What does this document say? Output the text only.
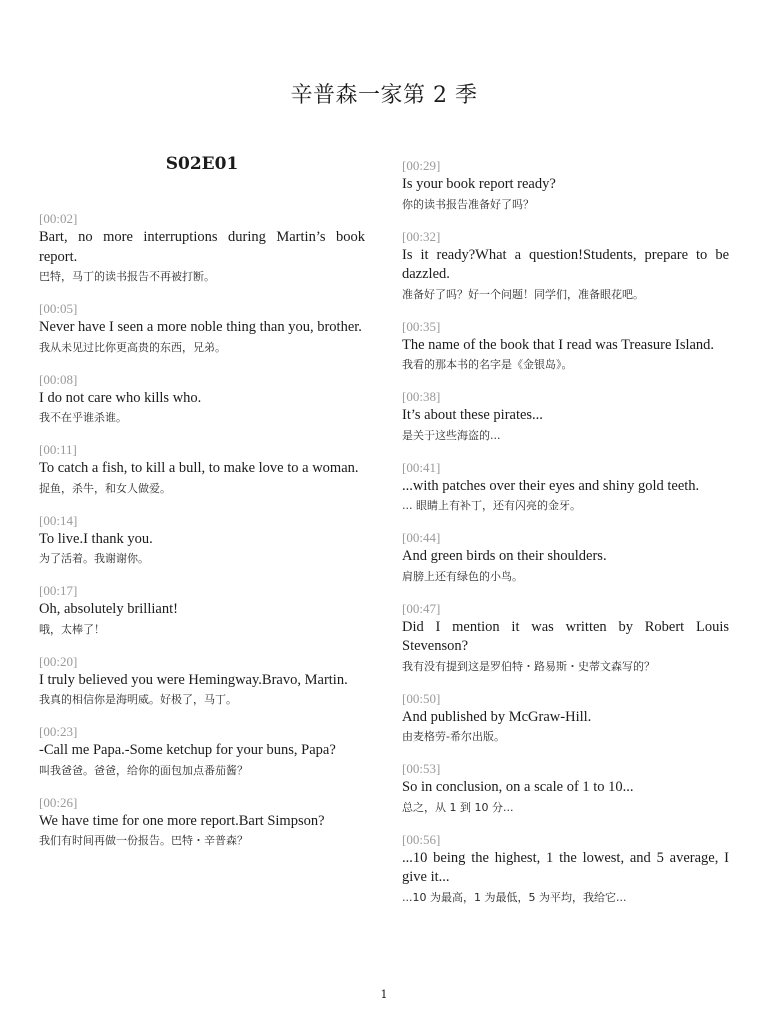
辛普森一家第 2 季
S02E01
[00:02]
Bart, no more interruptions during Martin’s book report.
巴特，马丁的读书报告不再被打断。
[00:05]
Never have I seen a more noble thing than you, brother.
我从未见过比你更高贵的东西，兄弟。
[00:08]
I do not care who kills who.
我不在乎谁杀谁。
[00:11]
To catch a fish, to kill a bull, to make love to a woman.
捉鱼，杀牛，和女人做爱。
[00:14]
To live.I thank you.
为了活着。我谢谢你。
[00:17]
Oh, absolutely brilliant!
哦，太棒了！
[00:20]
I truly believed you were Hemingway.Bravo, Martin.
我真的相信你是海明威。好极了，马丁。
[00:23]
-Call me Papa.-Some ketchup for your buns, Papa?
叫我爸爸。爸爸，给你的面包加点番茄酱？
[00:26]
We have time for one more report.Bart Simpson?
我们有时间再做一份报告。巴特・辛普森？
[00:29]
Is your book report ready?
你的读书报告准备好了吗？
[00:32]
Is it ready?What a question!Students, prepare to be dazzled.
准备好了吗？好一个问题！同学们，准备眼花吧。
[00:35]
The name of the book that I read was Treasure Island.
我看的那本书的名字是《金银岛》。
[00:38]
It’s about these pirates...
是关于这些海盗的...
[00:41]
...with patches over their eyes and shiny gold teeth.
... 眼睛上有补丁，还有闪亮的金牙。
[00:44]
And green birds on their shoulders.
肩膀上还有绿色的小鸟。
[00:47]
Did I mention it was written by Robert Louis Stevenson?
我有没有提到这是罗伯特・路易斯・史蒂文森写的？
[00:50]
And published by McGraw-Hill.
由麦格劳-希尔出版。
[00:53]
So in conclusion, on a scale of 1 to 10...
总之，从 1 到 10 分...
[00:56]
...10 being the highest, 1 the lowest, and 5 average, I give it...
...10 为最高，1 为最低，5 为平均，我给它...
1
